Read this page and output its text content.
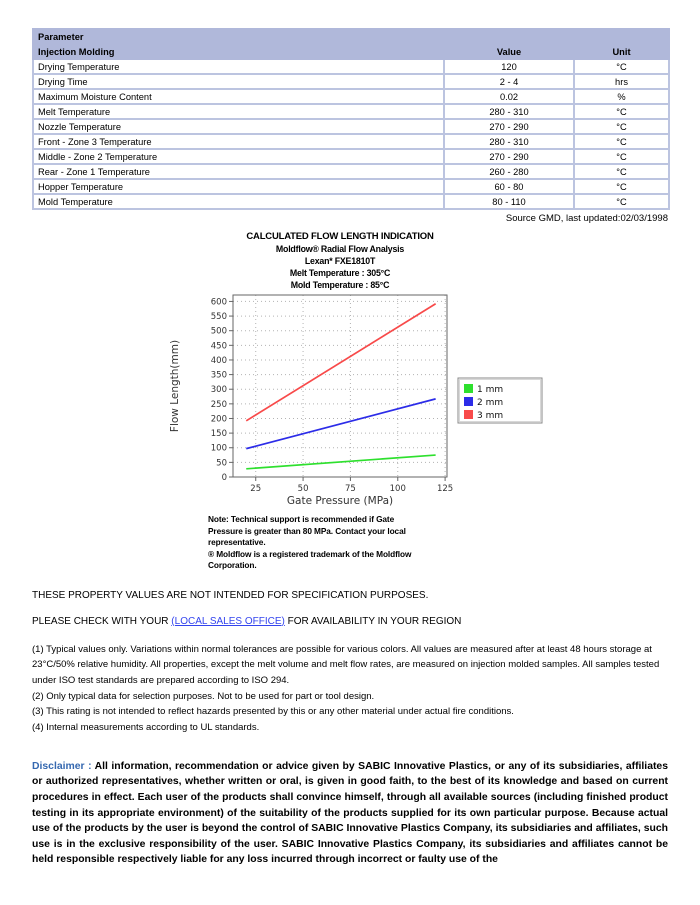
Parameter		
Injection Molding	Value	Unit
Drying Temperature	120	°C
Drying Time	2 - 4	hrs
Maximum Moisture Content	0.02	%
Melt Temperature	280 - 310	°C
Nozzle Temperature	270 - 290	°C
Front - Zone 3 Temperature	280 - 310	°C
Middle - Zone 2 Temperature	270 - 290	°C
Rear - Zone 1 Temperature	260 - 280	°C
Hopper Temperature	60 - 80	°C
Mold Temperature	80 - 110	°C
Source GMD, last updated:02/03/1998
CALCULATED FLOW LENGTH INDICATION
Moldflow® Radial Flow Analysis
Lexan* FXE1810T
Melt Temperature : 305°C
Mold Temperature : 85°C
25	50	75	100	125
0
50
100
150
200
250
300
350
400
450
500
550
600
Flow Length(mm)
Gate Pressure (MPa)
1 mm
2 mm
3 mm
Note: Technical support is recommended if Gate
Pressure is greater than 80 MPa. Contact your local
representative.
® Moldflow is a registered trademark of the Moldflow
Corporation.

THESE PROPERTY VALUES ARE NOT INTENDED FOR SPECIFICATION PURPOSES.

PLEASE CHECK WITH YOUR (LOCAL SALES OFFICE) FOR AVAILABILITY IN YOUR REGION

(1) Typical values only. Variations within normal tolerances are possible for various colors. All values are measured after at least 48 hours storage at 23°C/50% relative humidity. All properties, except the melt volume and melt flow rates, are measured on injection molded samples. All samples tested under ISO test standards are prepared according to ISO 294.
(2) Only typical data for selection purposes. Not to be used for part or tool design.
(3) This rating is not intended to reflect hazards presented by this or any other material under actual fire conditions.
(4) Internal measurements according to UL standards.

Disclaimer : All information, recommendation or advice given by SABIC Innovative Plastics, or any of its subsidiaries, affiliates or authorized representatives, whether written or oral, is given in good faith, to the best of its knowledge and based on current procedures in effect. Each user of the products shall convince himself, through all available sources (including finished product testing in its appropriate environment) of the suitability of the products supplied for its own particular purpose. Because actual use of the products by the user is beyond the control of SABIC Innovative Plastics Company, its subsidiaries and affiliates, such use is in the exclusive responsibility of the user. SABIC Innovative Plastics Company, its subsidiaries and affiliates cannot be held responsible respectively liable for any loss incurred through incorrect or faulty use of the
